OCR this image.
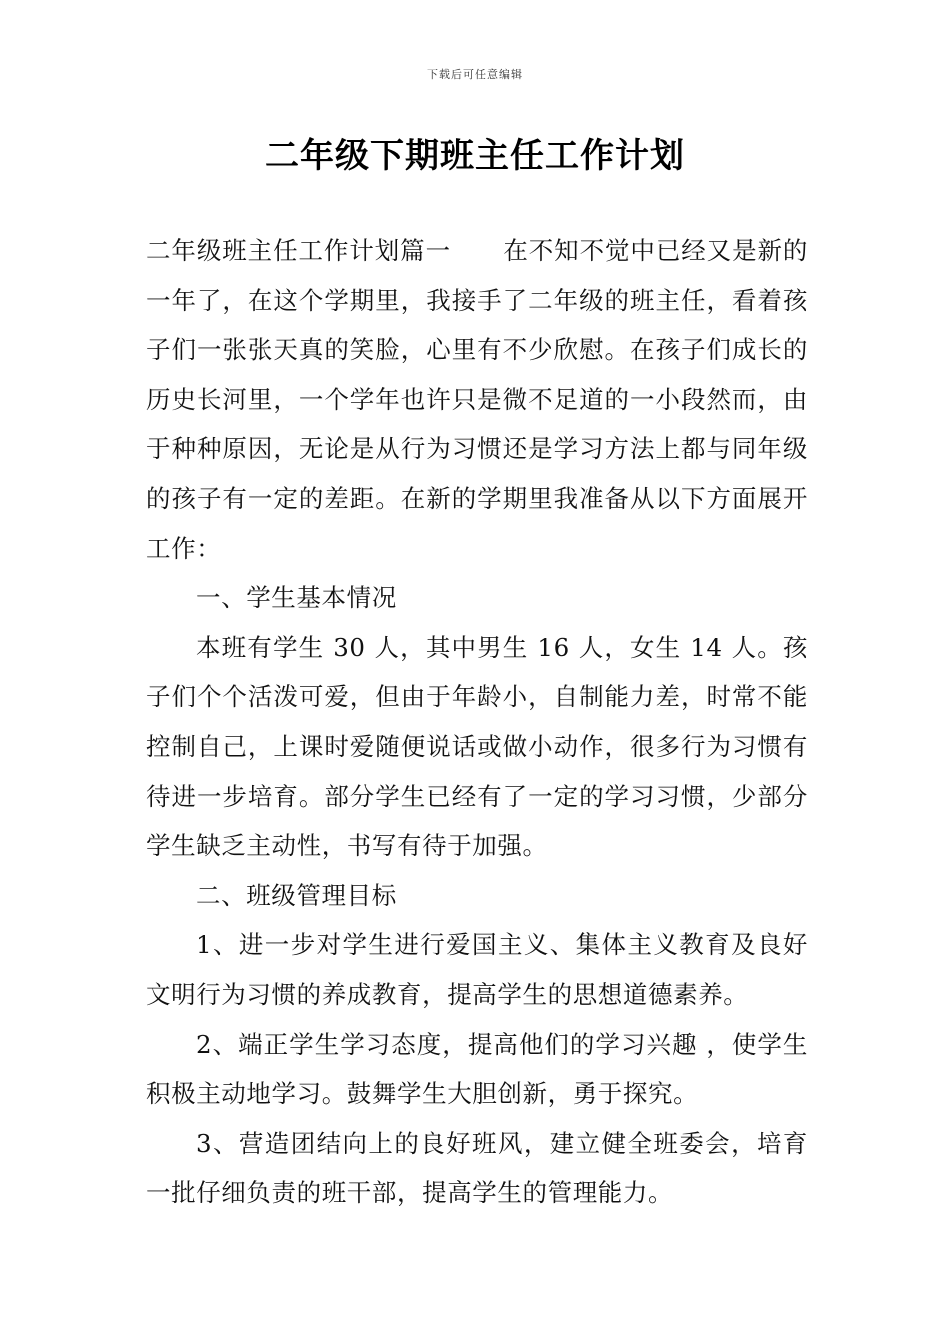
下载后可任意编辑
二年级下期班主任工作计划

二年级班主任工作计划篇一 在不知不觉中已经又是新的一年了，在这个学期里，我接手了二年级的班主任，看着孩子们一张张天真的笑脸，心里有不少欣慰。在孩子们成长的历史长河里，一个学年也许只是微不足道的一小段然而，由于种种原因，无论是从行为习惯还是学习方法上都与同年级的孩子有一定的差距。在新的学期里我准备从以下方面展开工作：

一、学生基本情况

本班有学生 30 人，其中男生 16 人，女生 14 人。孩子们个个活泼可爱，但由于年龄小，自制能力差，时常不能控制自己，上课时爱随便说话或做小动作，很多行为习惯有待进一步培育。部分学生已经有了一定的学习习惯，少部分学生缺乏主动性，书写有待于加强。

二、班级管理目标

1、进一步对学生进行爱国主义、集体主义教育及良好文明行为习惯的养成教育，提高学生的思想道德素养。

2、端正学生学习态度，提高他们的学习兴趣 ，使学生积极主动地学习。鼓舞学生大胆创新，勇于探究。

3、营造团结向上的良好班风，建立健全班委会，培育一批仔细负责的班干部，提高学生的管理能力。
